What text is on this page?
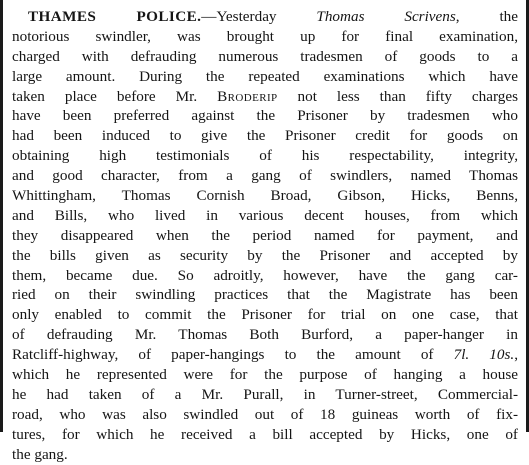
THAMES POLICE.—Yesterday Thomas Scrivens, the
notorious swindler, was brought up for final examination,
charged with defrauding numerous tradesmen of goods to a
large amount. During the repeated examinations which have
taken place before Mr. Broderip not less than fifty charges
have been preferred against the Prisoner by tradesmen who
had been induced to give the Prisoner credit for goods on
obtaining high testimonials of his respectability, integrity,
and good character, from a gang of swindlers, named Thomas
Whittingham, Thomas Cornish Broad, Gibson, Hicks, Benns,
and Bills, who lived in various decent houses, from which
they disappeared when the period named for payment, and
the bills given as security by the Prisoner and accepted by
them, became due. So adroitly, however, have the gang car-
ried on their swindling practices that the Magistrate has been
only enabled to commit the Prisoner for trial on one case, that
of defrauding Mr. Thomas Both Burford, a paper-hanger in
Ratcliff-highway, of paper-hangings to the amount of 7l. 10s.,
which he represented were for the purpose of hanging a house
he had taken of a Mr. Purall, in Turner-street, Commercial-
road, who was also swindled out of 18 guineas worth of fix-
tures, for which he received a bill accepted by Hicks, one of
the gang.
